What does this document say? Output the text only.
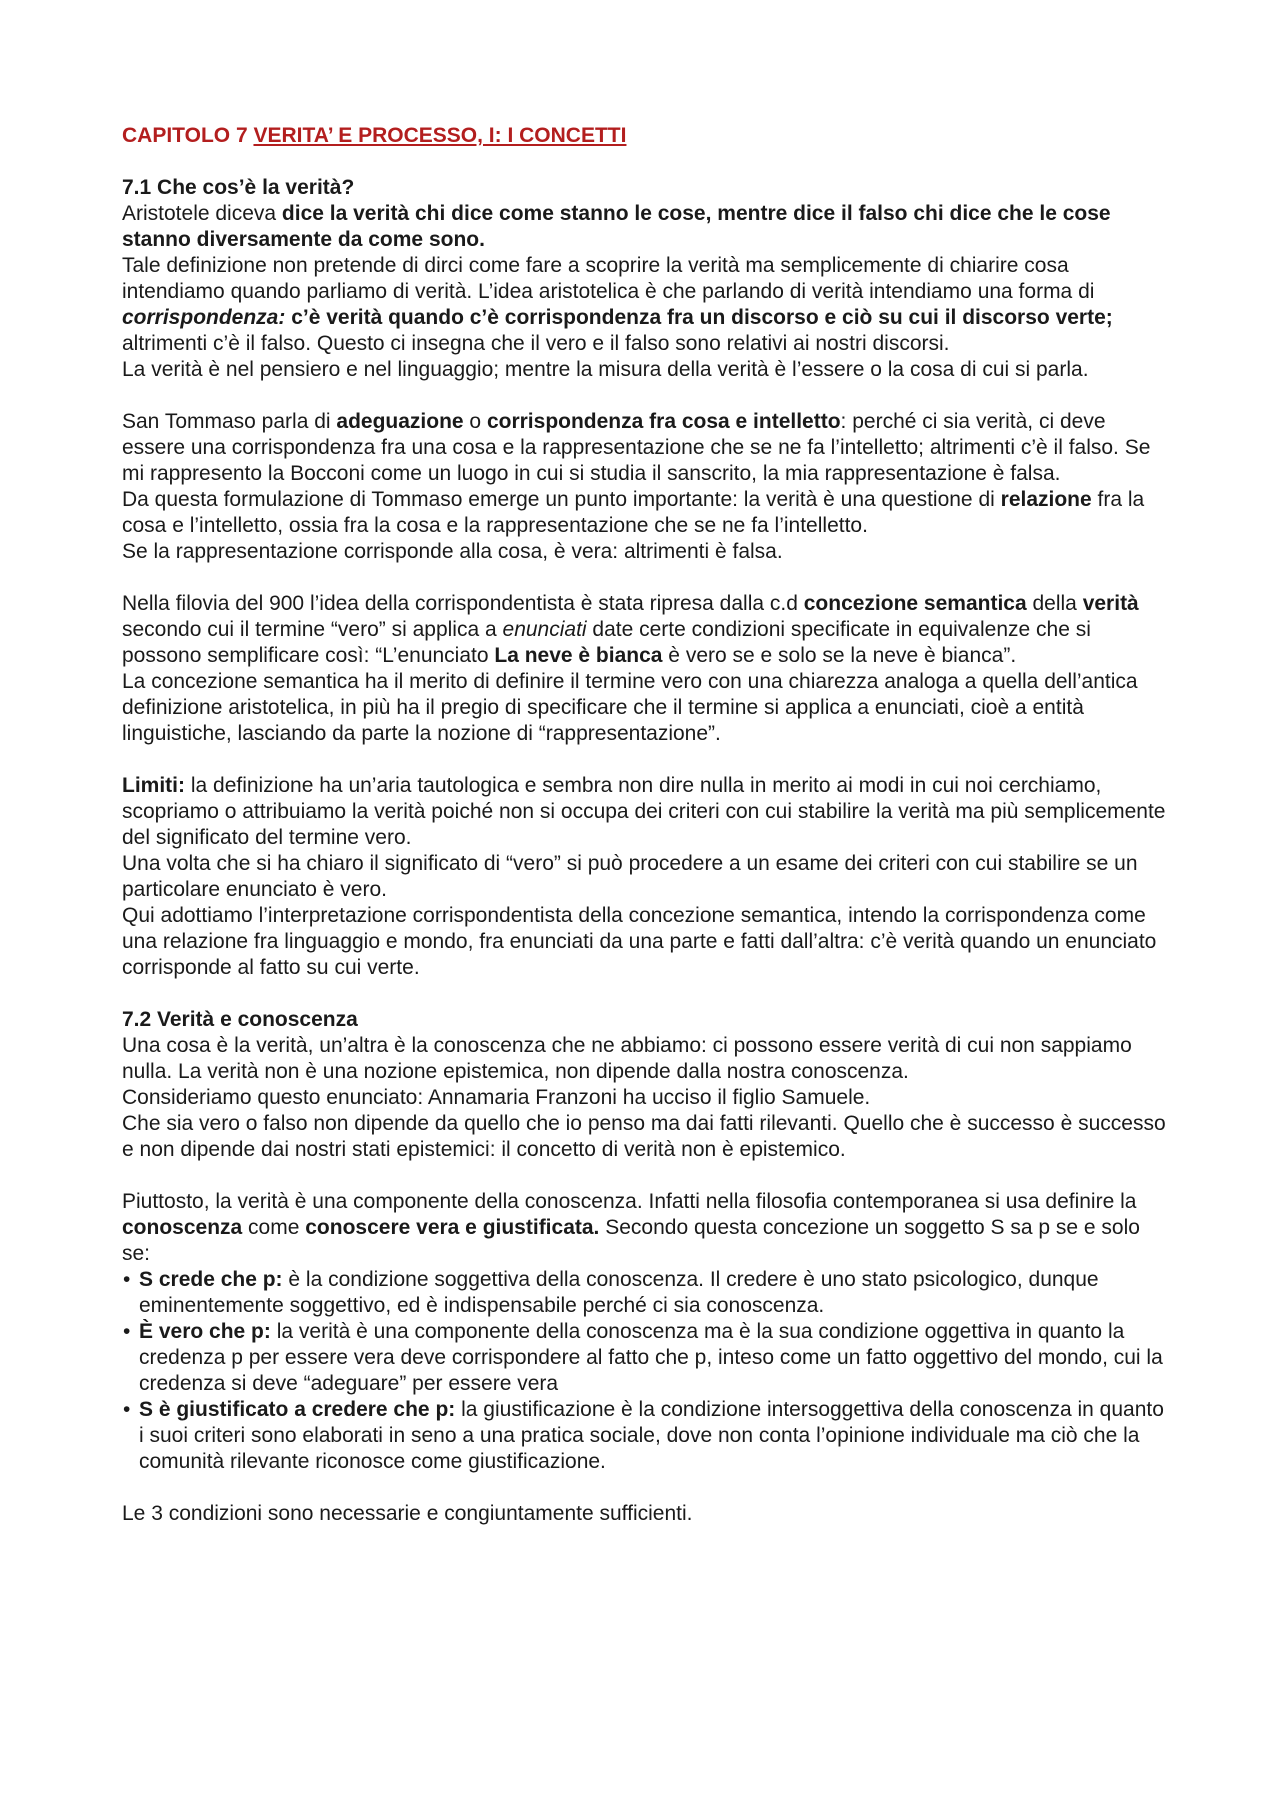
CAPITOLO 7 VERITA’ E PROCESSO, I: I CONCETTI

7.1 Che cos’è la verità?

Aristotele diceva dice la verità chi dice come stanno le cose, mentre dice il falso chi dice che le cose stanno diversamente da come sono.

Tale definizione non pretende di dirci come fare a scoprire la verità ma semplicemente di chiarire cosa intendiamo quando parliamo di verità. L’idea aristotelica è che parlando di verità intendiamo una forma di corrispondenza: c’è verità quando c’è corrispondenza fra un discorso e ciò su cui il discorso verte; altrimenti c’è il falso. Questo ci insegna che il vero e il falso sono relativi ai nostri discorsi.

La verità è nel pensiero e nel linguaggio; mentre la misura della verità è l’essere o la cosa di cui si parla.

San Tommaso parla di adeguazione o corrispondenza fra cosa e intelletto: perché ci sia verità, ci deve essere una corrispondenza fra una cosa e la rappresentazione che se ne fa l’intelletto; altrimenti c’è il falso. Se mi rappresento la Bocconi come un luogo in cui si studia il sanscrito, la mia rappresentazione è falsa.

Da questa formulazione di Tommaso emerge un punto importante: la verità è una questione di relazione fra la cosa e l’intelletto, ossia fra la cosa e la rappresentazione che se ne fa l’intelletto.

Se la rappresentazione corrisponde alla cosa, è vera: altrimenti è falsa.

Nella filovia del 900 l’idea della corrispondentista è stata ripresa dalla c.d concezione semantica della verità secondo cui il termine “vero” si applica a enunciati date certe condizioni specificate in equivalenze che si possono semplificare così: “L’enunciato La neve è bianca è vero se e solo se la neve è bianca”.

La concezione semantica ha il merito di definire il termine vero con una chiarezza analoga a quella dell’antica definizione aristotelica, in più ha il pregio di specificare che il termine si applica a enunciati, cioè a entità linguistiche, lasciando da parte la nozione di “rappresentazione”.

Limiti: la definizione ha un’aria tautologica e sembra non dire nulla in merito ai modi in cui noi cerchiamo, scopriamo o attribuiamo la verità poiché non si occupa dei criteri con cui stabilire la verità ma più semplicemente del significato del termine vero.

Una volta che si ha chiaro il significato di “vero” si può procedere a un esame dei criteri con cui stabilire se un particolare enunciato è vero.

Qui adottiamo l’interpretazione corrispondentista della concezione semantica, intendo la corrispondenza come una relazione fra linguaggio e mondo, fra enunciati da una parte e fatti dall’altra: c’è verità quando un enunciato corrisponde al fatto su cui verte.

7.2 Verità e conoscenza

Una cosa è la verità, un’altra è la conoscenza che ne abbiamo: ci possono essere verità di cui non sappiamo nulla. La verità non è una nozione epistemica, non dipende dalla nostra conoscenza.

Consideriamo questo enunciato: Annamaria Franzoni ha ucciso il figlio Samuele.

Che sia vero o falso non dipende da quello che io penso ma dai fatti rilevanti. Quello che è successo è successo e non dipende dai nostri stati epistemici: il concetto di verità non è epistemico.

Piuttosto, la verità è una componente della conoscenza. Infatti nella filosofia contemporanea si usa definire la conoscenza come conoscere vera e giustificata. Secondo questa concezione un soggetto S sa p se e solo se:

• S crede che p: è la condizione soggettiva della conoscenza. Il credere è uno stato psicologico, dunque eminentemente soggettivo, ed è indispensabile perché ci sia conoscenza.
• È vero che p: la verità è una componente della conoscenza ma è la sua condizione oggettiva in quanto la credenza p per essere vera deve corrispondere al fatto che p, inteso come un fatto oggettivo del mondo, cui la credenza si deve “adeguare” per essere vera
• S è giustificato a credere che p: la giustificazione è la condizione intersoggettiva della conoscenza in quanto i suoi criteri sono elaborati in seno a una pratica sociale, dove non conta l’opinione individuale ma ciò che la comunità rilevante riconosce come giustificazione.

Le 3 condizioni sono necessarie e congiuntamente sufficienti.
